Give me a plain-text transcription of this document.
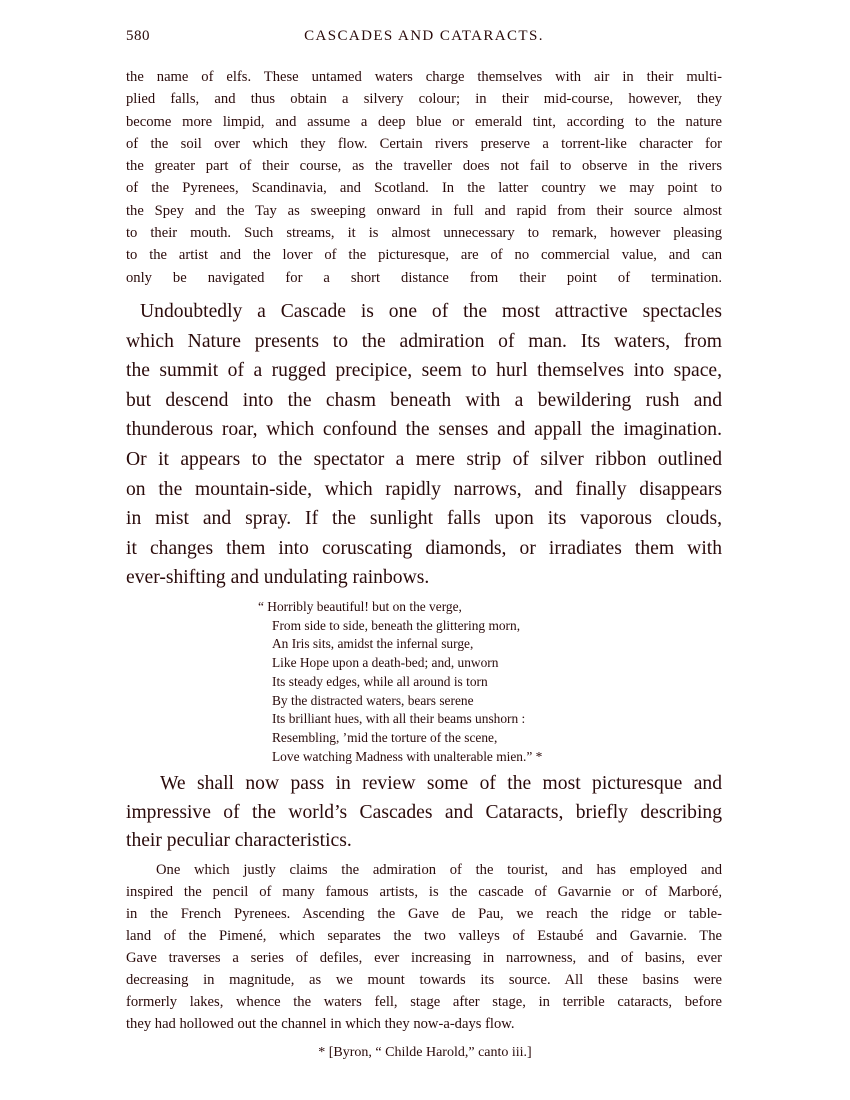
580	CASCADES AND CATARACTS.

the name of elfs. These untamed waters charge themselves with air in their multi-
plied falls, and thus obtain a silvery colour; in their mid-course, however, they
become more limpid, and assume a deep blue or emerald tint, according to the nature
of the soil over which they flow. Certain rivers preserve a torrent-like character for
the greater part of their course, as the traveller does not fail to observe in the rivers
of the Pyrenees, Scandinavia, and Scotland. In the latter country we may point to
the Spey and the Tay as sweeping onward in full and rapid from their source almost
to their mouth. Such streams, it is almost unnecessary to remark, however pleasing
to the artist and the lover of the picturesque, are of no commercial value, and can
only be navigated for a short distance from their point of termination.

Undoubtedly a Cascade is one of the most attractive spectacles
which Nature presents to the admiration of man. Its waters, from
the summit of a rugged precipice, seem to hurl themselves into space,
but descend into the chasm beneath with a bewildering rush and
thunderous roar, which confound the senses and appall the imagination.
Or it appears to the spectator a mere strip of silver ribbon outlined
on the mountain-side, which rapidly narrows, and finally disappears
in mist and spray. If the sunlight falls upon its vaporous clouds,
it changes them into coruscating diamonds, or irradiates them with
ever-shifting and undulating rainbows.
“ Horribly beautiful! but on the verge,
From side to side, beneath the glittering morn,
An Iris sits, amidst the infernal surge,
Like Hope upon a death-bed; and, unworn
Its steady edges, while all around is torn
By the distracted waters, bears serene
Its brilliant hues, with all their beams unshorn :
Resembling, ’mid the torture of the scene,
Love watching Madness with unalterable mien.” *
We shall now pass in review some of the most picturesque and
impressive of the world’s Cascades and Cataracts, briefly describing
their peculiar characteristics.
One which justly claims the admiration of the tourist, and has employed and
inspired the pencil of many famous artists, is the cascade of Gavarnie or of Marboré,
in the French Pyrenees. Ascending the Gave de Pau, we reach the ridge or table-
land of the Pimené, which separates the two valleys of Estaubé and Gavarnie. The
Gave traverses a series of defiles, ever increasing in narrowness, and of basins, ever
decreasing in magnitude, as we mount towards its source. All these basins were
formerly lakes, whence the waters fell, stage after stage, in terrible cataracts, before
they had hollowed out the channel in which they now-a-days flow.
* [Byron, “ Childe Harold,” canto iii.]
